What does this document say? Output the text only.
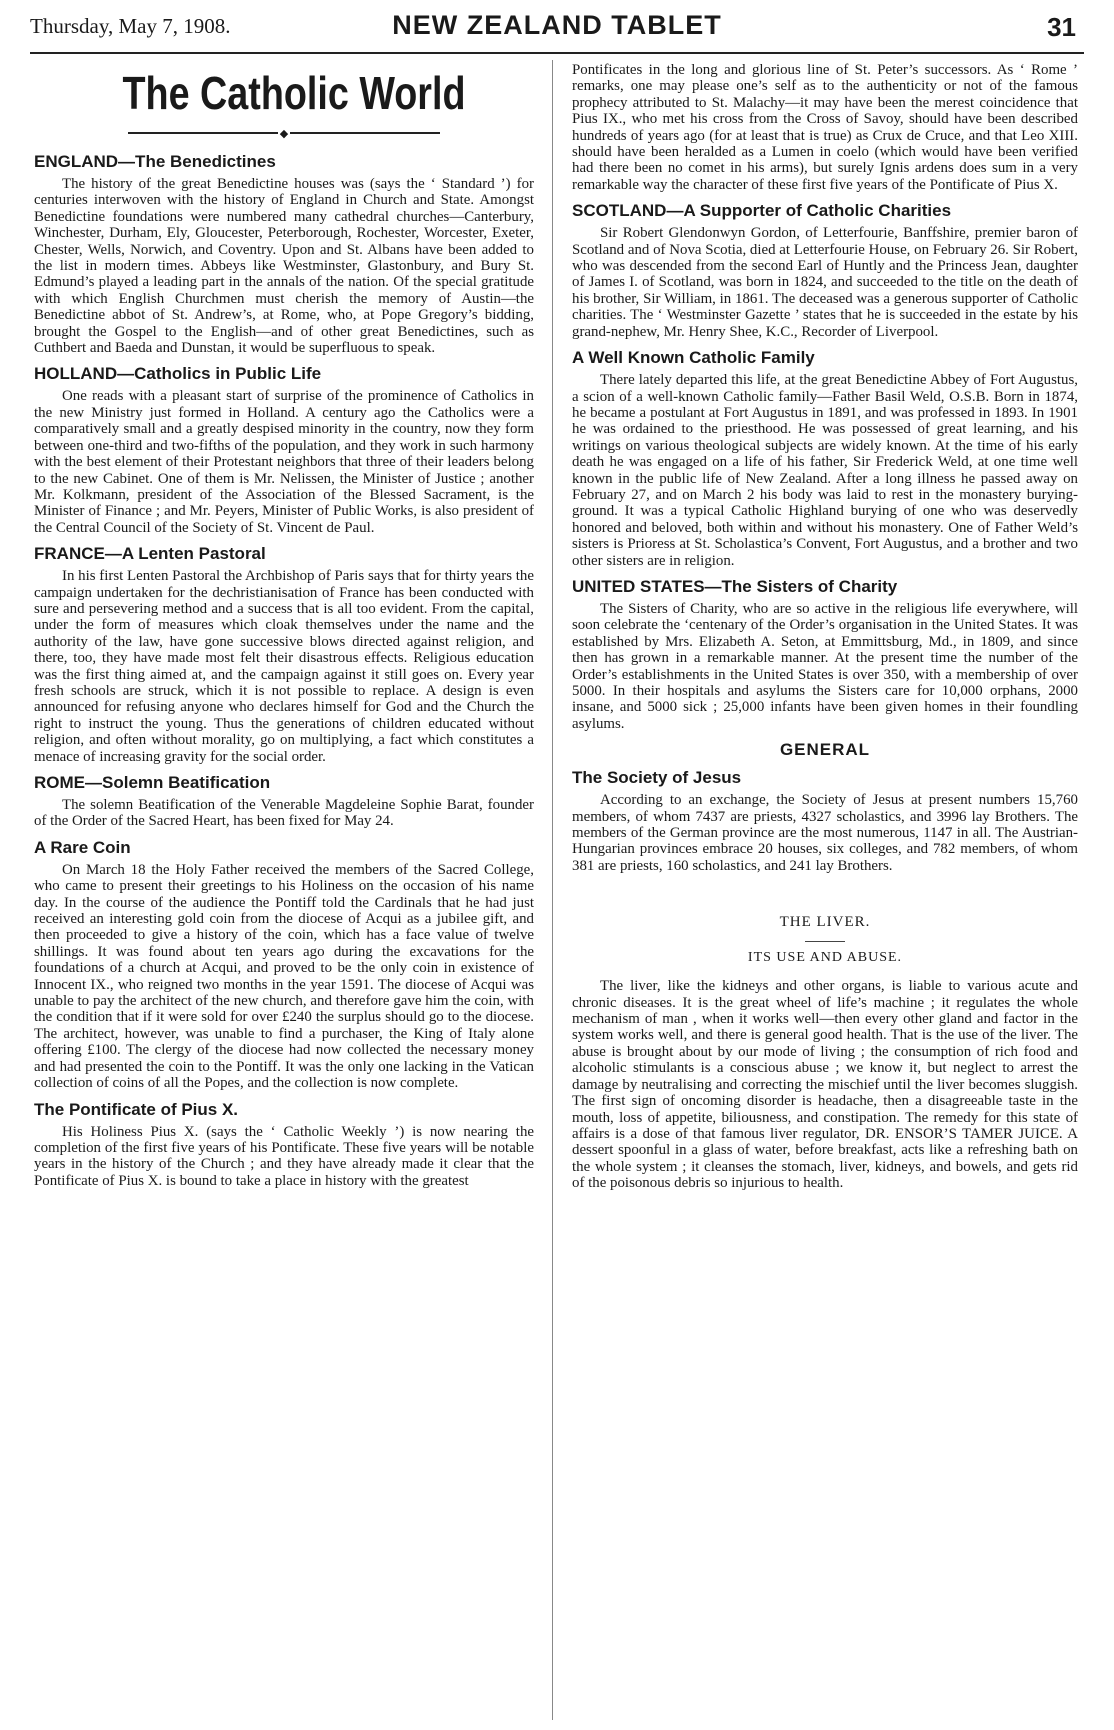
Thursday, May 7, 1908.	NEW ZEALAND TABLET	31
The Catholic World
◆
ENGLAND—The Benedictines

The history of the great Benedictine houses was (says the ‘ Standard ’) for centuries interwoven with the history of England in Church and State. Amongst Benedictine foundations were numbered many cathedral churches—Canterbury, Winchester, Durham, Ely, Gloucester, Peterborough, Rochester, Worcester, Exeter, Chester, Wells, Norwich, and Coventry. Upon and St. Albans have been added to the list in modern times. Abbeys like Westminster, Glastonbury, and Bury St. Edmund’s played a leading part in the annals of the nation. Of the special gratitude with which English Churchmen must cherish the memory of Austin—the Benedictine abbot of St. Andrew’s, at Rome, who, at Pope Gregory’s bidding, brought the Gospel to the English—and of other great Benedictines, such as Cuthbert and Baeda and Dunstan, it would be superfluous to speak.

HOLLAND—Catholics in Public Life

One reads with a pleasant start of surprise of the prominence of Catholics in the new Ministry just formed in Holland. A century ago the Catholics were a comparatively small and a greatly despised minority in the country, now they form between one-third and two-fifths of the population, and they work in such harmony with the best element of their Protestant neighbors that three of their leaders belong to the new Cabinet. One of them is Mr. Nelissen, the Minister of Justice ; another Mr. Kolkmann, president of the Association of the Blessed Sacrament, is the Minister of Finance ; and Mr. Peyers, Minister of Public Works, is also president of the Central Council of the Society of St. Vincent de Paul.

FRANCE—A Lenten Pastoral

In his first Lenten Pastoral the Archbishop of Paris says that for thirty years the campaign undertaken for the dechristianisation of France has been conducted with sure and persevering method and a success that is all too evident. From the capital, under the form of measures which cloak themselves under the name and the authority of the law, have gone successive blows directed against religion, and there, too, they have made most felt their disastrous effects. Religious education was the first thing aimed at, and the campaign against it still goes on. Every year fresh schools are struck, which it is not possible to replace. A design is even announced for refusing anyone who declares himself for God and the Church the right to instruct the young. Thus the generations of children educated without religion, and often without morality, go on multiplying, a fact which constitutes a menace of increasing gravity for the social order.

ROME—Solemn Beatification

The solemn Beatification of the Venerable Magdeleine Sophie Barat, founder of the Order of the Sacred Heart, has been fixed for May 24.

A Rare Coin

On March 18 the Holy Father received the members of the Sacred College, who came to present their greetings to his Holiness on the occasion of his name day. In the course of the audience the Pontiff told the Cardinals that he had just received an interesting gold coin from the diocese of Acqui as a jubilee gift, and then proceeded to give a history of the coin, which has a face value of twelve shillings. It was found about ten years ago during the excavations for the foundations of a church at Acqui, and proved to be the only coin in existence of Innocent IX., who reigned two months in the year 1591. The diocese of Acqui was unable to pay the architect of the new church, and therefore gave him the coin, with the condition that if it were sold for over £240 the surplus should go to the diocese. The architect, however, was unable to find a purchaser, the King of Italy alone offering £100. The clergy of the diocese had now collected the necessary money and had presented the coin to the Pontiff. It was the only one lacking in the Vatican collection of coins of all the Popes, and the collection is now complete.

The Pontificate of Pius X.

His Holiness Pius X. (says the ‘ Catholic Weekly ’) is now nearing the completion of the first five years of his Pontificate. These five years will be notable years in the history of the Church ; and they have already made it clear that the Pontificate of Pius X. is bound to take a place in history with the greatest

Pontificates in the long and glorious line of St. Peter’s successors. As ‘ Rome ’ remarks, one may please one’s self as to the authenticity or not of the famous prophecy attributed to St. Malachy—it may have been the merest coincidence that Pius IX., who met his cross from the Cross of Savoy, should have been described hundreds of years ago (for at least that is true) as Crux de Cruce, and that Leo XIII. should have been heralded as a Lumen in coelo (which would have been verified had there been no comet in his arms), but surely Ignis ardens does sum in a very remarkable way the character of these first five years of the Pontificate of Pius X.

SCOTLAND—A Supporter of Catholic Charities

Sir Robert Glendonwyn Gordon, of Letterfourie, Banffshire, premier baron of Scotland and of Nova Scotia, died at Letterfourie House, on February 26. Sir Robert, who was descended from the second Earl of Huntly and the Princess Jean, daughter of James I. of Scotland, was born in 1824, and succeeded to the title on the death of his brother, Sir William, in 1861. The deceased was a generous supporter of Catholic charities. The ‘ Westminster Gazette ’ states that he is succeeded in the estate by his grand-nephew, Mr. Henry Shee, K.C., Recorder of Liverpool.

A Well Known Catholic Family

There lately departed this life, at the great Benedictine Abbey of Fort Augustus, a scion of a well-known Catholic family—Father Basil Weld, O.S.B. Born in 1874, he became a postulant at Fort Augustus in 1891, and was professed in 1893. In 1901 he was ordained to the priesthood. He was possessed of great learning, and his writings on various theological subjects are widely known. At the time of his early death he was engaged on a life of his father, Sir Frederick Weld, at one time well known in the public life of New Zealand. After a long illness he passed away on February 27, and on March 2 his body was laid to rest in the monastery burying-ground. It was a typical Catholic Highland burying of one who was deservedly honored and beloved, both within and without his monastery. One of Father Weld’s sisters is Prioress at St. Scholastica’s Convent, Fort Augustus, and a brother and two other sisters are in religion.

UNITED STATES—The Sisters of Charity

The Sisters of Charity, who are so active in the religious life everywhere, will soon celebrate the ‘centenary of the Order’s organisation in the United States. It was established by Mrs. Elizabeth A. Seton, at Emmittsburg, Md., in 1809, and since then has grown in a remarkable manner. At the present time the number of the Order’s establishments in the United States is over 350, with a membership of over 5000. In their hospitals and asylums the Sisters care for 10,000 orphans, 2000 insane, and 5000 sick ; 25,000 infants have been given homes in their foundling asylums.

GENERAL
The Society of Jesus

According to an exchange, the Society of Jesus at present numbers 15,760 members, of whom 7437 are priests, 4327 scholastics, and 3996 lay Brothers. The members of the German province are the most numerous, 1147 in all. The Austrian-Hungarian provinces embrace 20 houses, six colleges, and 782 members, of whom 381 are priests, 160 scholastics, and 241 lay Brothers.

THE LIVER.
ITS USE AND ABUSE.

The liver, like the kidneys and other organs, is liable to various acute and chronic diseases. It is the great wheel of life’s machine ; it regulates the whole mechanism of man , when it works well—then every other gland and factor in the system works well, and there is general good health. That is the use of the liver. The abuse is brought about by our mode of living ; the consumption of rich food and alcoholic stimulants is a conscious abuse ; we know it, but neglect to arrest the damage by neutralising and correcting the mischief until the liver becomes sluggish. The first sign of oncoming disorder is headache, then a disagreeable taste in the mouth, loss of appetite, biliousness, and constipation. The remedy for this state of affairs is a dose of that famous liver regulator, DR. ENSOR’S TAMER JUICE. A dessert spoonful in a glass of water, before breakfast, acts like a refreshing bath on the whole system ; it cleanses the stomach, liver, kidneys, and bowels, and gets rid of the poisonous debris so injurious to health.
